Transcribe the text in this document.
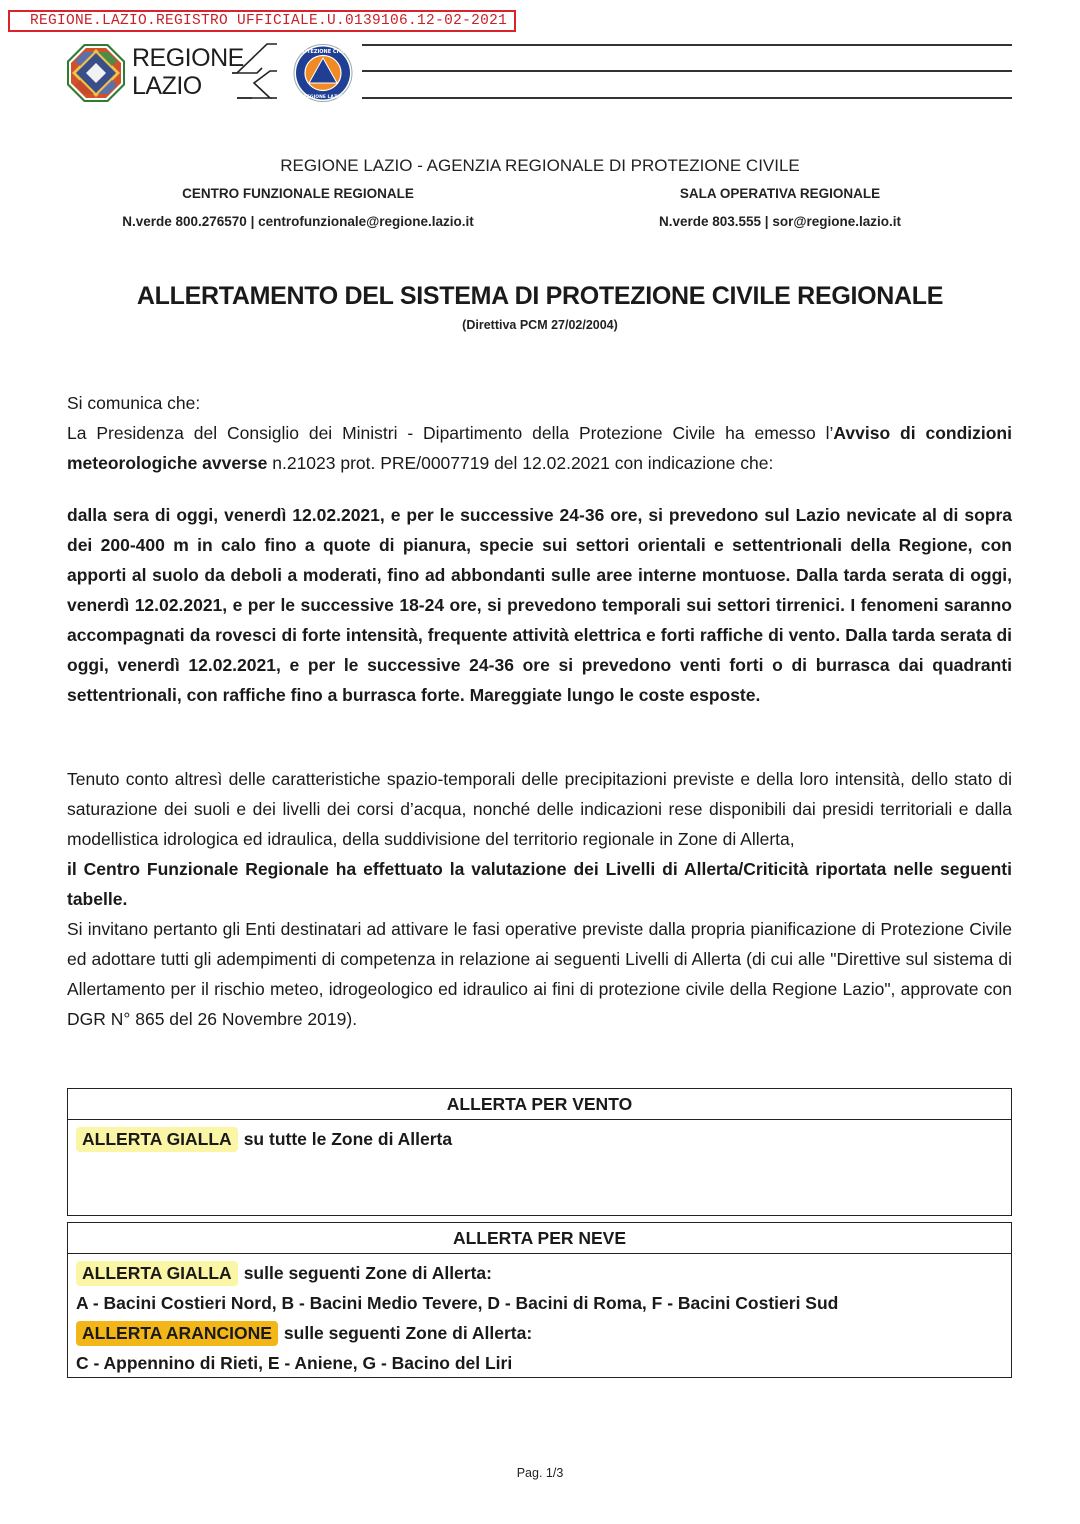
REGIONE.LAZIO.REGISTRO UFFICIALE.U.0139106.12-02-2021
REGIONE
LAZIO
PROTEZIONE CIVILE
REGIONE LAZIO

REGIONE LAZIO - AGENZIA REGIONALE DI PROTEZIONE CIVILE

CENTRO FUNZIONALE REGIONALE
N.verde 800.276570 | centrofunzionale@regione.lazio.it
SALA OPERATIVA REGIONALE
N.verde 803.555 | sor@regione.lazio.it
ALLERTAMENTO DEL SISTEMA DI PROTEZIONE CIVILE REGIONALE
(Direttiva PCM 27/02/2004)

Si comunica che:

La Presidenza del Consiglio dei Ministri - Dipartimento della Protezione Civile ha emesso l’Avviso di condizioni meteorologiche avverse n.21023 prot. PRE/0007719 del 12.02.2021 con indicazione che:

dalla sera di oggi, venerdì 12.02.2021, e per le successive 24-36 ore, si prevedono sul Lazio nevicate al di sopra dei 200-400 m in calo fino a quote di pianura, specie sui settori orientali e settentrionali della Regione, con apporti al suolo da deboli a moderati, fino ad abbondanti sulle aree interne montuose. Dalla tarda serata di oggi, venerdì 12.02.2021, e per le successive 18-24 ore, si prevedono temporali sui settori tirrenici. I fenomeni saranno accompagnati da rovesci di forte intensità, frequente attività elettrica e forti raffiche di vento. Dalla tarda serata di oggi, venerdì 12.02.2021, e per le successive 24-36 ore si prevedono venti forti o di burrasca dai quadranti settentrionali, con raffiche fino a burrasca forte. Mareggiate lungo le coste esposte.

Tenuto conto altresì delle caratteristiche spazio-temporali delle precipitazioni previste e della loro intensità, dello stato di saturazione dei suoli e dei livelli dei corsi d’acqua, nonché delle indicazioni rese disponibili dai presidi territoriali e dalla modellistica idrologica ed idraulica, della suddivisione del territorio regionale in Zone di Allerta,

il Centro Funzionale Regionale ha effettuato la valutazione dei Livelli di Allerta/Criticità riportata nelle seguenti tabelle.

Si invitano pertanto gli Enti destinatari ad attivare le fasi operative previste dalla propria pianificazione di Protezione Civile ed adottare tutti gli adempimenti di competenza in relazione ai seguenti Livelli di Allerta (di cui alle "Direttive sul sistema di Allertamento per il rischio meteo, idrogeologico ed idraulico ai fini di protezione civile della Regione Lazio", approvate con DGR N° 865 del 26 Novembre 2019).

ALLERTA PER VENTO
ALLERTA GIALLA su tutte le Zone di Allerta
ALLERTA PER NEVE
ALLERTA GIALLA sulle seguenti Zone di Allerta:
A - Bacini Costieri Nord, B - Bacini Medio Tevere, D - Bacini di Roma, F - Bacini Costieri Sud
ALLERTA ARANCIONE sulle seguenti Zone di Allerta:
C - Appennino di Rieti, E - Aniene, G - Bacino del Liri
Pag. 1/3
